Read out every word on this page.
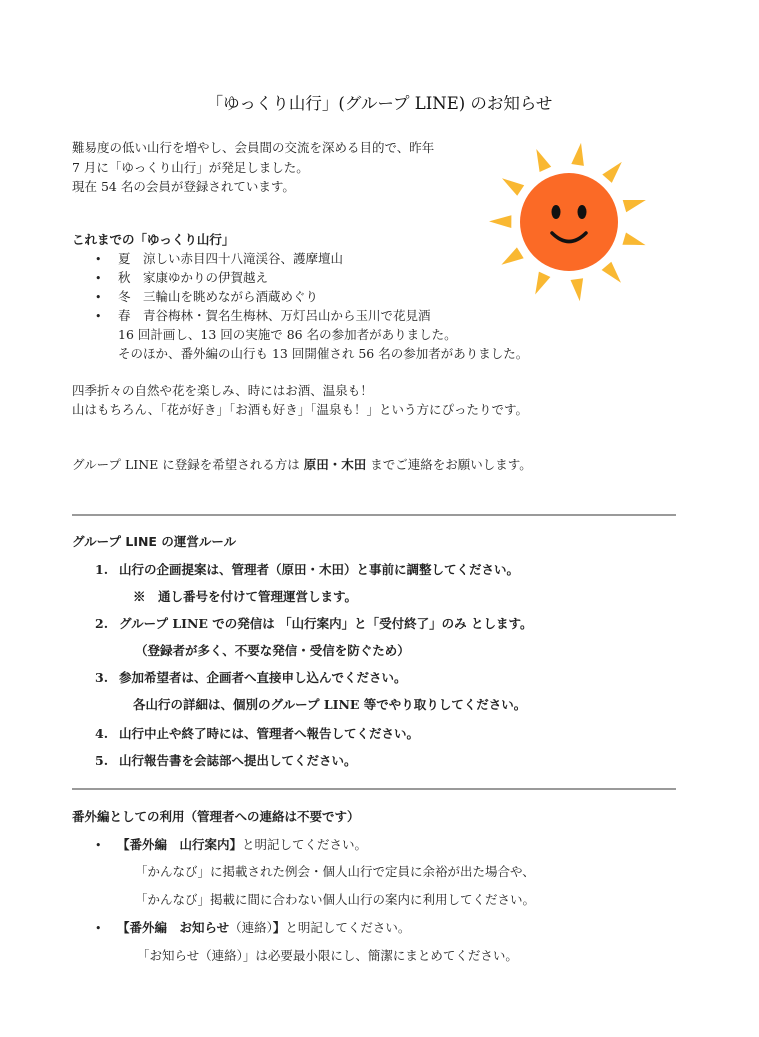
「ゆっくり山行」(グループ LINE) のお知らせ
難易度の低い山行を増やし、会員間の交流を深める目的で、昨年
7 月に「ゆっくり山行」が発足しました。
現在 54 名の会員が登録されています。
これまでの「ゆっくり山行」
• 夏　涼しい赤目四十八滝渓谷、護摩壇山
• 秋　家康ゆかりの伊賀越え
• 冬　三輪山を眺めながら酒蔵めぐり
• 春　青谷梅林・賀名生梅林、万灯呂山から玉川で花見酒
16 回計画し、13 回の実施で 86 名の参加者がありました。
そのほか、番外編の山行も 13 回開催され 56 名の参加者がありました。
四季折々の自然や花を楽しみ、時にはお酒、温泉も！
山はもちろん、「花が好き」「お酒も好き」「温泉も！」という方にぴったりです。
グループ LINE に登録を希望される方は 原田・木田 までご連絡をお願いします。
グループ LINE の運営ルール
1. 山行の企画提案は、管理者（原田・木田）と事前に調整してください。
※　通し番号を付けて管理運営します。
2. グループ LINE での発信は 「山行案内」と「受付終了」のみ とします。
（登録者が多く、不要な発信・受信を防ぐため）
3. 参加希望者は、企画者へ直接申し込んでください。
各山行の詳細は、個別のグループ LINE 等でやり取りしてください。
4. 山行中止や終了時には、管理者へ報告してください。
5. 山行報告書を会誌部へ提出してください。
番外編としての利用（管理者への連絡は不要です）
• 【番外編　山行案内】と明記してください。
「かんなび」に掲載された例会・個人山行で定員に余裕が出た場合や、
「かんなび」掲載に間に合わない個人山行の案内に利用してください。
• 【番外編　お知らせ（連絡）】と明記してください。
「お知らせ（連絡）」は必要最小限にし、簡潔にまとめてください。
